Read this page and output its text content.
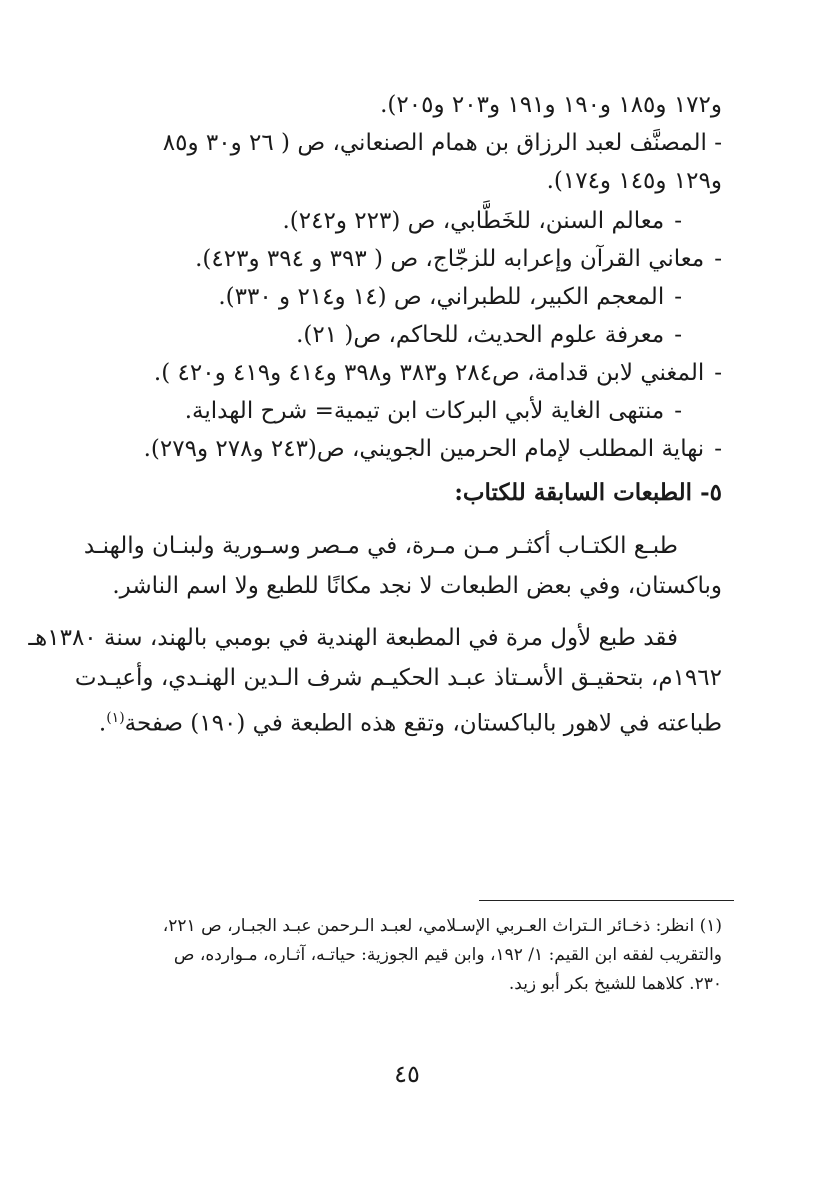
و١٧٢ و١٨٥ و١٩٠ و١٩١ و٢٠٣ و٢٠٥).
- المصنَّف لعبد الرزاق بن همام الصنعاني، ص ( ٢٦ و٣٠ و٨٥
و١٢٩ و١٤٥ و١٧٤).
-معالم السنن، للخَطَّابي، ص (٢٢٣ و٢٤٢).
-معاني القرآن وإعرابه للزجّاج، ص ( ٣٩٣ و ٣٩٤ و٤٢٣).
-المعجم الكبير، للطبراني، ص (١٤ و٢١٤ و ٣٣٠).
-معرفة علوم الحديث، للحاكم، ص( ٢١).
-المغني لابن قدامة، ص٢٨٤ و٣٨٣ و٣٩٨ و٤١٤ و٤١٩ و٤٢٠ ).
-منتهى الغاية لأبي البركات ابن تيمية= شرح الهداية.
-نهاية المطلب لإمام الحرمين الجويني، ص(٢٤٣ و٢٧٨ و٢٧٩).
٥- الطبعات السابقة للكتاب:
طبـع الكتـاب أكثـر مـن مـرة، في مـصر وسـورية ولبنـان والهنـد
وباكستان، وفي بعض الطبعات لا نجد مكانًا للطبع ولا اسم الناشر.
فقد طبع لأول مرة في المطبعة الهندية في بومبي بالهند، سنة ١٣٨٠هـ
١٩٦٢م، بتحقيـق الأسـتاذ عبـد الحكيـم شرف الـدين الهنـدي، وأعيـدت
طباعته في لاهور بالباكستان، وتقع هذه الطبعة في (١٩٠) صفحة$^{(١)}$.
(١) انظر: ذخـائر الـتراث العـربي الإسـلامي، لعبـد الـرحمن عبـد الجبـار، ص ٢٢١،
والتقريب لفقه ابن القيم: ١/ ١٩٢، وابن قيم الجوزية: حياتـه، آثـاره، مـوارده، ص
٢٣٠. كلاهما للشيخ بكر أبو زيد.
٤٥
